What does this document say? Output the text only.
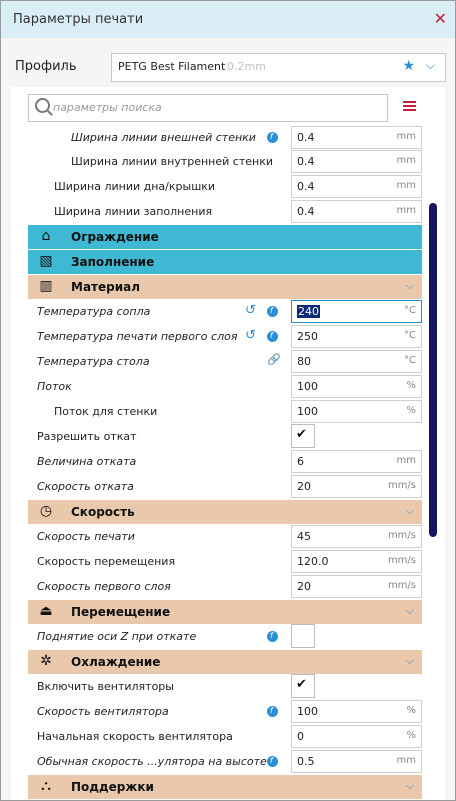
Параметры печати	✕
Профиль	PETG Best Filament 0.2mm	★ ⌵
параметры поиска
Ширина линии внешней стенки f 0.4	mm
Ширина линии внутренней стенки 0.4	mm
Ширина линии дна/крышки	0.4	mm
Ширина линии заполнения	0.4	mm
⌂ Ограждение
▧ Заполнение
▥ Материал	⌵
Температура сопла	↺ f 240	°C
Температура печати первого слоя ↺ f 250	°C
Температура стола	🔗 80	°C
Поток	100	%
Поток для стенки	100	%
Разрешить откат	✔
Величина отката	6	mm
Скорость отката	20	mm/s
◷ Скорость	⌵
Скорость печати	45	mm/s
Скорость перемещения	120.0	mm/s
Скорость первого слоя	20	mm/s
⏏ Перемещение	⌵
Поднятие оси Z при откате	f
✲ Охлаждение	⌵
Включить вентиляторы	✔
Скорость вентилятора	f 100	%
Начальная скорость вентилятора	0	%
Обычная скорость ...улятора на высоте f 0.5	mm
⛬ Поддержки	⌵
